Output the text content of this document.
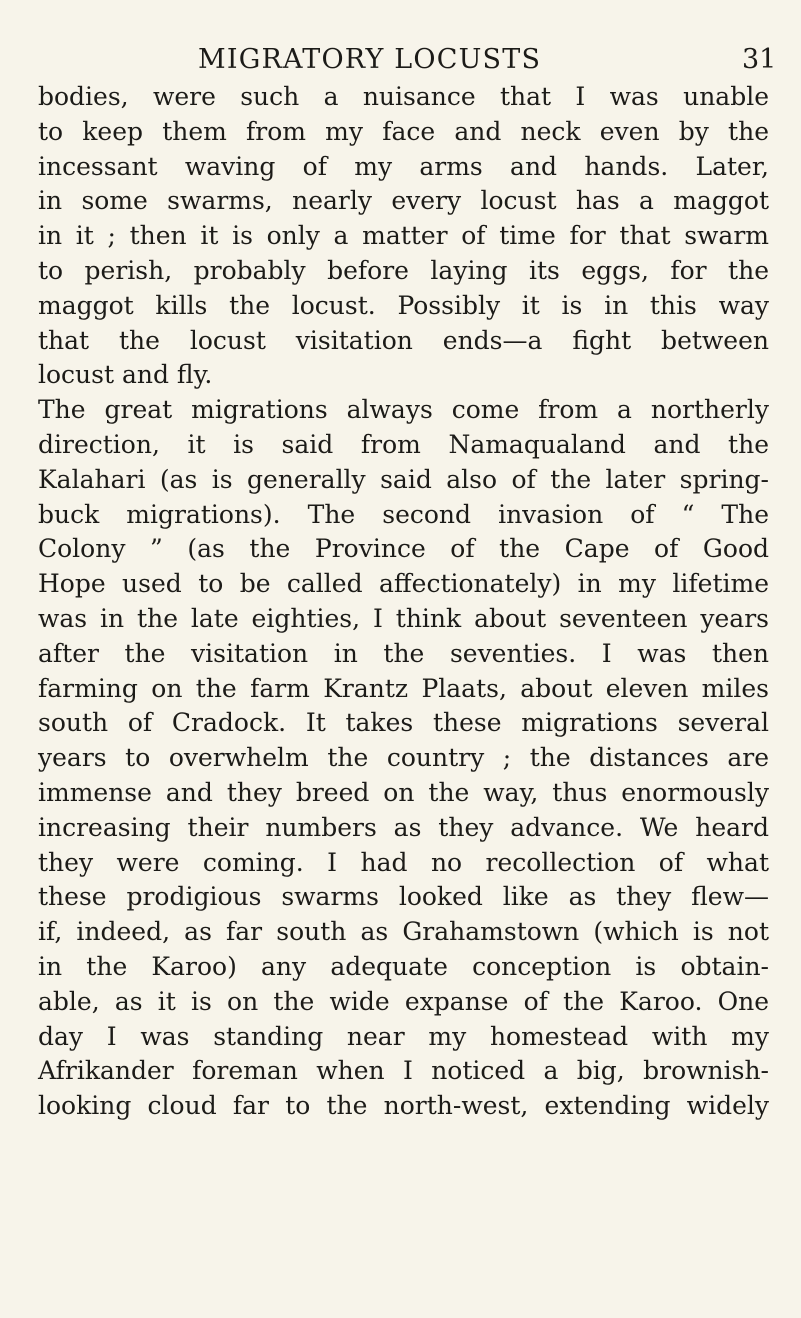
MIGRATORY LOCUSTS	31
bodies, were such a nuisance that I was unable
to keep them from my face and neck even by the
incessant waving of my arms and hands. Later,
in some swarms, nearly every locust has a maggot
in it ; then it is only a matter of time for that swarm
to perish, probably before laying its eggs, for the
maggot kills the locust. Possibly it is in this way
that the locust visitation ends—a fight between
locust and fly.
The great migrations always come from a northerly
direction, it is said from Namaqualand and the
Kalahari (as is generally said also of the later spring-
buck migrations). The second invasion of “ The
Colony ” (as the Province of the Cape of Good
Hope used to be called affectionately) in my lifetime
was in the late eighties, I think about seventeen years
after the visitation in the seventies. I was then
farming on the farm Krantz Plaats, about eleven miles
south of Cradock. It takes these migrations several
years to overwhelm the country ; the distances are
immense and they breed on the way, thus enormously
increasing their numbers as they advance. We heard
they were coming. I had no recollection of what
these prodigious swarms looked like as they flew—
if, indeed, as far south as Grahamstown (which is not
in the Karoo) any adequate conception is obtain-
able, as it is on the wide expanse of the Karoo. One
day I was standing near my homestead with my
Afrikander foreman when I noticed a big, brownish-
looking cloud far to the north-west, extending widely
